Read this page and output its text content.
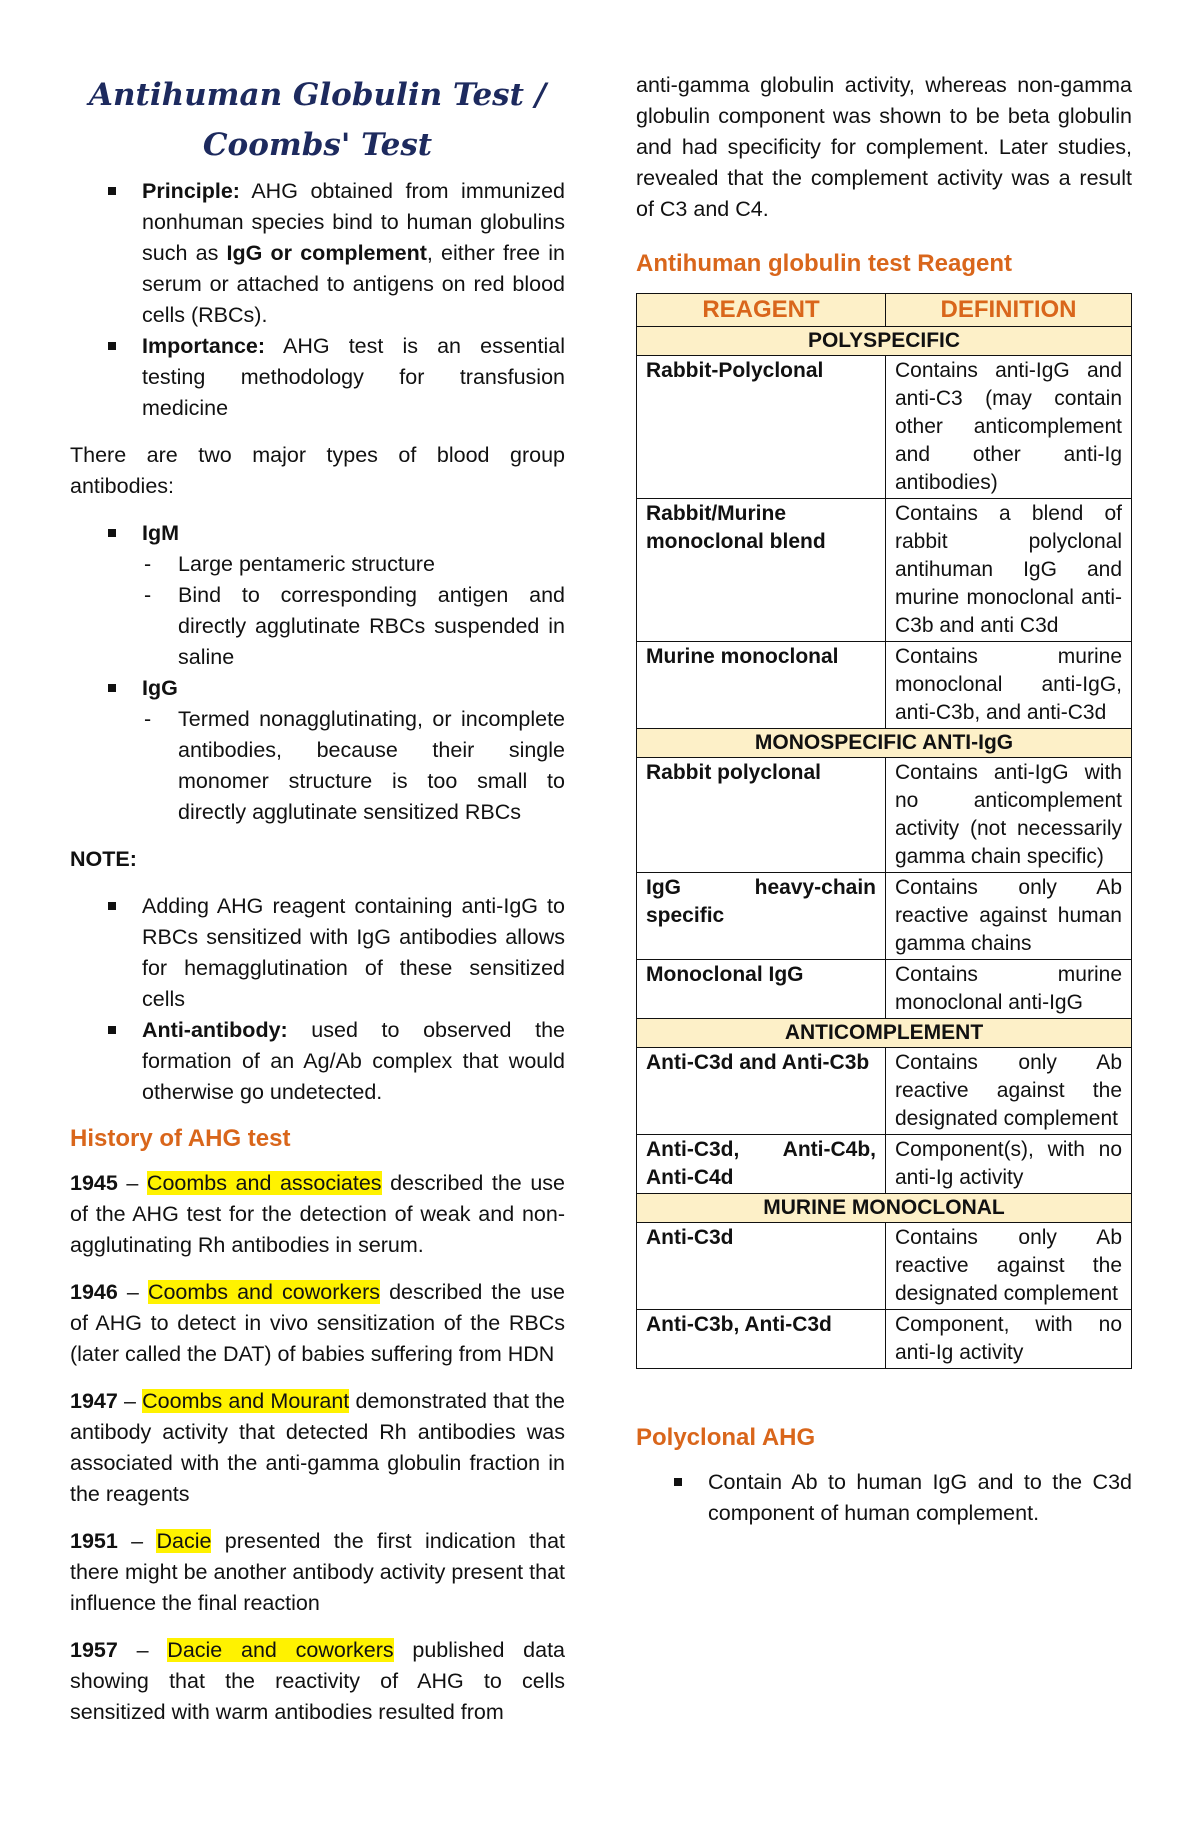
Antihuman Globulin Test / Coombs' Test
Principle: AHG obtained from immunized nonhuman species bind to human globulins such as IgG or complement, either free in serum or attached to antigens on red blood cells (RBCs).
Importance: AHG test is an essential testing methodology for transfusion medicine

There are two major types of blood group antibodies:

IgM
- Large pentameric structure
- Bind to corresponding antigen and directly agglutinate RBCs suspended in saline
IgG
- Termed nonagglutinating, or incomplete antibodies, because their single monomer structure is too small to directly agglutinate sensitized RBCs

NOTE:

Adding AHG reagent containing anti-IgG to RBCs sensitized with IgG antibodies allows for hemagglutination of these sensitized cells
Anti-antibody: used to observed the formation of an Ag/Ab complex that would otherwise go undetected.
History of AHG test

1945 – Coombs and associates described the use of the AHG test for the detection of weak and non-agglutinating Rh antibodies in serum.

1946 – Coombs and coworkers described the use of AHG to detect in vivo sensitization of the RBCs (later called the DAT) of babies suffering from HDN

1947 – Coombs and Mourant demonstrated that the antibody activity that detected Rh antibodies was associated with the anti-gamma globulin fraction in the reagents

1951 – Dacie presented the first indication that there might be another antibody activity present that influence the final reaction

1957 – Dacie and coworkers published data showing that the reactivity of AHG to cells sensitized with warm antibodies resulted from

anti-gamma globulin activity, whereas non-gamma globulin component was shown to be beta globulin and had specificity for complement. Later studies, revealed that the complement activity was a result of C3 and C4.

Antihuman globulin test Reagent
REAGENT	DEFINITION
POLYSPECIFIC	
Rabbit-Polyclonal	Contains anti-IgG and anti-C3 (may contain other anticomplement and other anti-Ig antibodies)
Rabbit/Murine monoclonal blend	Contains a blend of rabbit polyclonal antihuman IgG and murine monoclonal anti-C3b and anti C3d
Murine monoclonal	Contains murine monoclonal anti-IgG, anti-C3b, and anti-C3d
MONOSPECIFIC ANTI-IgG	
Rabbit polyclonal	Contains anti-IgG with no anticomplement activity (not necessarily gamma chain specific)
IgG heavy-chain specific	Contains only Ab reactive against human gamma chains
Monoclonal IgG	Contains murine monoclonal anti-IgG
ANTICOMPLEMENT	
Anti-C3d and Anti-C3b	Contains only Ab reactive against the designated complement
Anti-C3d, Anti-C4b, Anti-C4d	Component(s), with no anti-Ig activity
MURINE MONOCLONAL	
Anti-C3d	Contains only Ab reactive against the designated complement
Anti-C3b, Anti-C3d	Component, with no anti-Ig activity
Polyclonal AHG
Contain Ab to human IgG and to the C3d component of human complement.
